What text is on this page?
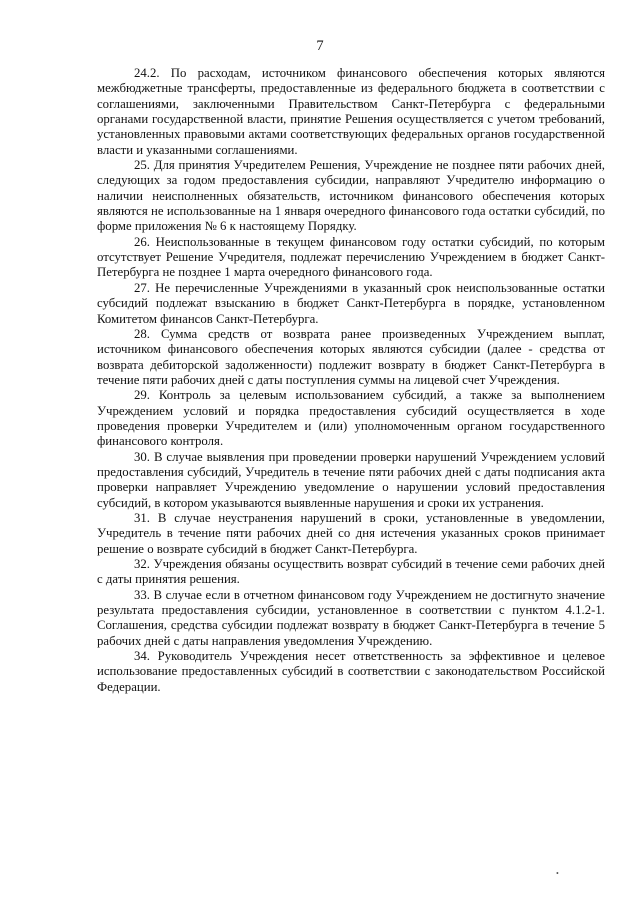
7

24.2. По расходам, источником финансового обеспечения которых являются межбюджетные трансферты, предоставленные из федерального бюджета в соответствии с соглашениями, заключенными Правительством Санкт-Петербурга с федеральными органами государственной власти, принятие Решения осуществляется с учетом требований, установленных правовыми актами соответствующих федеральных органов государственной власти и указанными соглашениями.

25. Для принятия Учредителем Решения, Учреждение не позднее пяти рабочих дней, следующих за годом предоставления субсидии, направляют Учредителю информацию о наличии неисполненных обязательств, источником финансового обеспечения которых являются не использованные на 1 января очередного финансового года остатки субсидий, по форме приложения № 6 к настоящему Порядку.

26. Неиспользованные в текущем финансовом году остатки субсидий, по которым отсутствует Решение Учредителя, подлежат перечислению Учреждением в бюджет Санкт-Петербурга не позднее 1 марта очередного финансового года.

27. Не перечисленные Учреждениями в указанный срок неиспользованные остатки субсидий подлежат взысканию в бюджет Санкт-Петербурга в порядке, установленном Комитетом финансов Санкт-Петербурга.

28. Сумма средств от возврата ранее произведенных Учреждением выплат, источником финансового обеспечения которых являются субсидии (далее - средства от возврата дебиторской задолженности) подлежит возврату в бюджет Санкт-Петербурга в течение пяти рабочих дней с даты поступления суммы на лицевой счет Учреждения.

29. Контроль за целевым использованием субсидий, а также за выполнением Учреждением условий и порядка предоставления субсидий осуществляется в ходе проведения проверки Учредителем и (или) уполномоченным органом государственного финансового контроля.

30. В случае выявления при проведении проверки нарушений Учреждением условий предоставления субсидий, Учредитель в течение пяти рабочих дней с даты подписания акта проверки направляет Учреждению уведомление о нарушении условий предоставления субсидий, в котором указываются выявленные нарушения и сроки их устранения.

31. В случае неустранения нарушений в сроки, установленные в уведомлении, Учредитель в течение пяти рабочих дней со дня истечения указанных сроков принимает решение о возврате субсидий в бюджет Санкт-Петербурга.

32. Учреждения обязаны осуществить возврат субсидий в течение семи рабочих дней с даты принятия решения.

33. В случае если в отчетном финансовом году Учреждением не достигнуто значение результата предоставления субсидии, установленное в соответствии с пунктом 4.1.2-1. Соглашения, средства субсидии подлежат возврату в бюджет Санкт-Петербурга в течение 5 рабочих дней с даты направления уведомления Учреждению.

34. Руководитель Учреждения несет ответственность за эффективное и целевое использование предоставленных субсидий в соответствии с законодательством Российской Федерации.

•
